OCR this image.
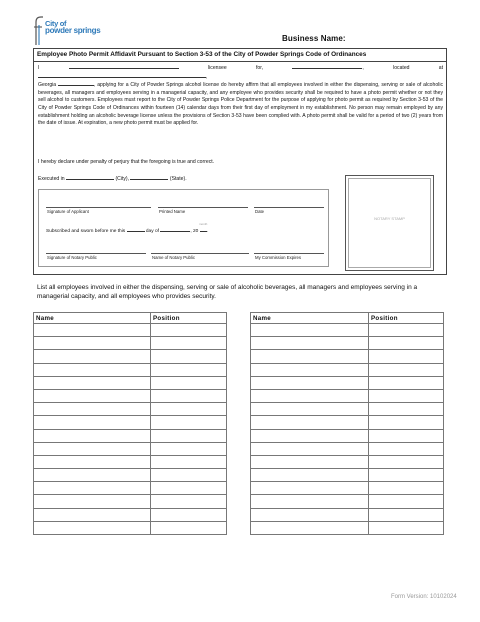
City of
powder springs
Business Name:
Employee Photo Permit Affidavit Pursuant to Section 3-53 of the City of Powder Springs Code of Ordinances
I	licensee for,	, located at ,
Georgia	, applying for a City of Powder Springs alcohol license do hereby affirm that all employees involved in either the dispensing, serving or sale of alcoholic beverages, all managers and employees serving in a managerial capacity, and any employee who provides security shall be required to have a photo permit whether or not they sell alcohol to customers. Employees must report to the City of Powder Springs Police Department for the purpose of applying for photo permit as required by Section 3-53 of the City of Powder Springs Code of Ordinances within fourteen (14) calendar days from their first day of employment in my establishment. No person may remain employed by any establishment holding an alcoholic beverage license unless the provisions of Section 3-53 have been complied with. A photo permit shall be valid for a period of two (2) years from the date of issue. At expiration, a new photo permit must be applied for.
I hereby declare under penalty of perjury that the foregoing is true and correct.
Executed in	(City),	(State).
Signature of Applicant	Printed Name	Date
month
Subscribed and sworn before me this	day of	, 20 .
Signature of Notary Public	Name of Notary Public	My Commission Expires
NOTARY STAMP
List all employees involved in either the dispensing, serving or sale of alcoholic beverages, all managers and employees serving in a managerial capacity, and all employees who provides security.
Name	Position

		Name	Position

Form Version: 10102024
